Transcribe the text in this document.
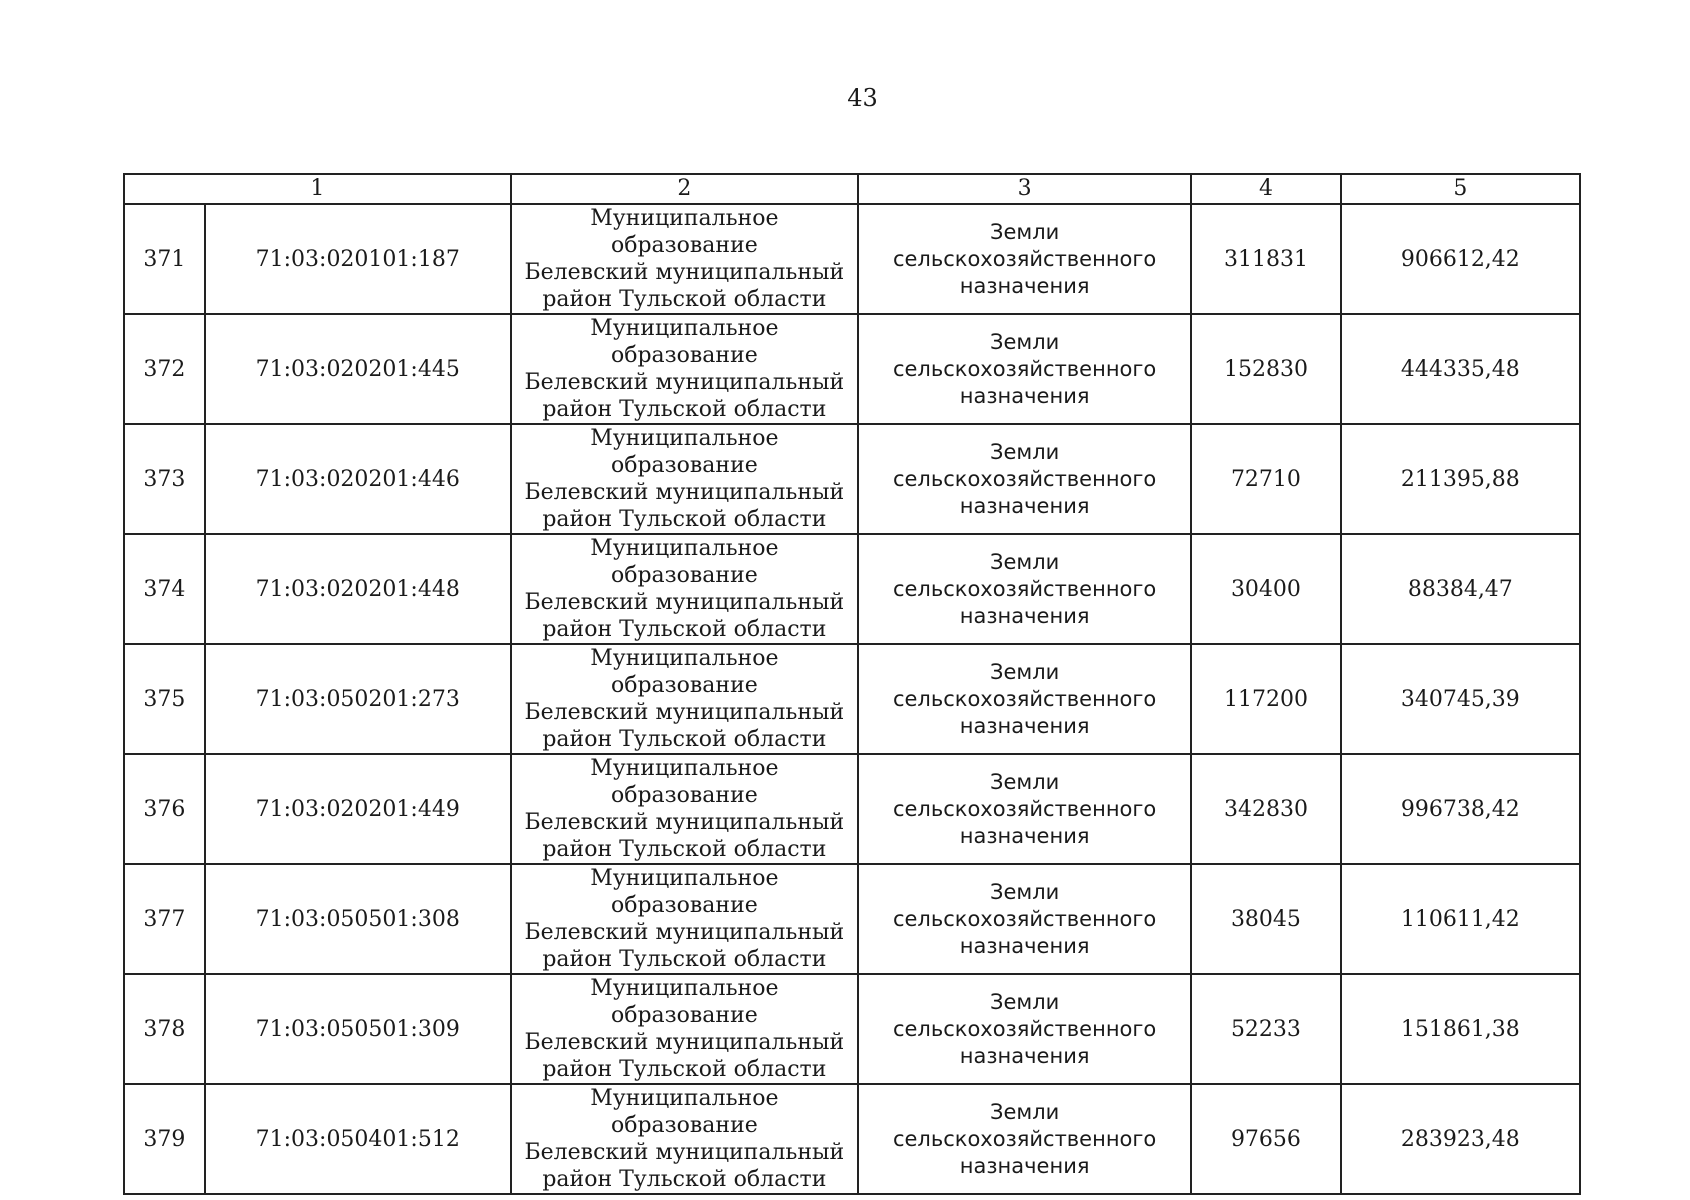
43
1		2	3	4	5
371	71:03:020101:187	Муниципальное образование
Белевский муниципальный
район Тульской области	Земли
сельскохозяйственного
назначения	311831	906612,42
372	71:03:020201:445	Муниципальное образование
Белевский муниципальный
район Тульской области	Земли
сельскохозяйственного
назначения	152830	444335,48
373	71:03:020201:446	Муниципальное образование
Белевский муниципальный
район Тульской области	Земли
сельскохозяйственного
назначения	72710	211395,88
374	71:03:020201:448	Муниципальное образование
Белевский муниципальный
район Тульской области	Земли
сельскохозяйственного
назначения	30400	88384,47
375	71:03:050201:273	Муниципальное образование
Белевский муниципальный
район Тульской области	Земли
сельскохозяйственного
назначения	117200	340745,39
376	71:03:020201:449	Муниципальное образование
Белевский муниципальный
район Тульской области	Земли
сельскохозяйственного
назначения	342830	996738,42
377	71:03:050501:308	Муниципальное образование
Белевский муниципальный
район Тульской области	Земли
сельскохозяйственного
назначения	38045	110611,42
378	71:03:050501:309	Муниципальное образование
Белевский муниципальный
район Тульской области	Земли
сельскохозяйственного
назначения	52233	151861,38
379	71:03:050401:512	Муниципальное образование
Белевский муниципальный
район Тульской области	Земли
сельскохозяйственного
назначения	97656	283923,48
